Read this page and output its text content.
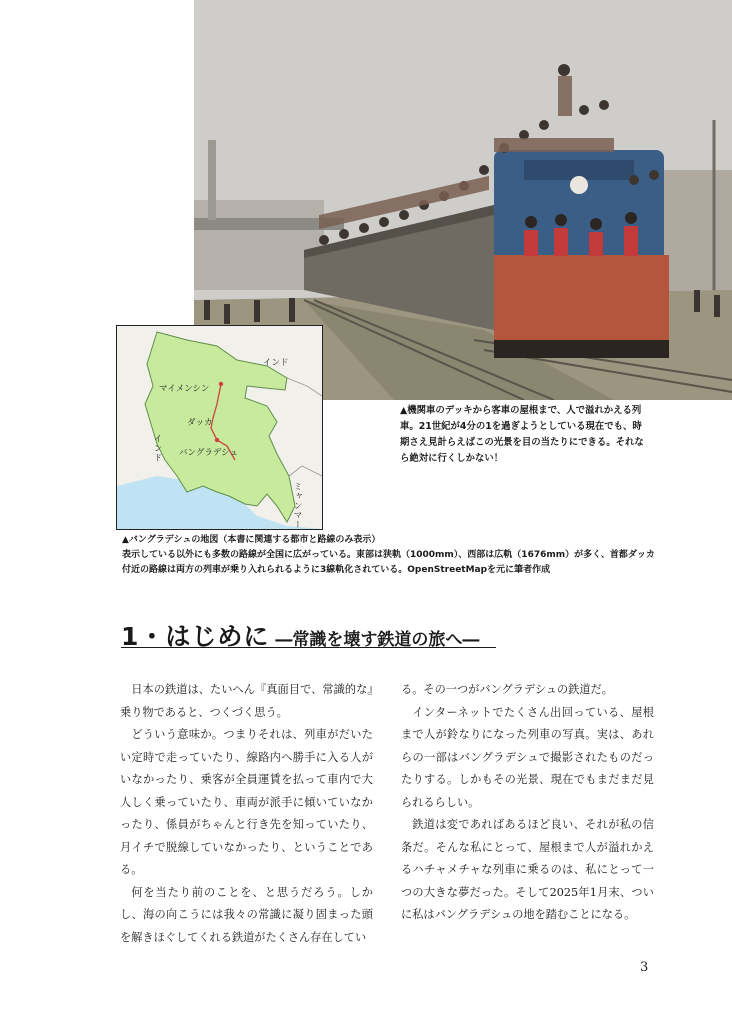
インド
マイメンシン
ダッカ
インド バングラデシュ
ミャンマー

▲機関車のデッキから客車の屋根まで、人で溢れかえる列車。21世紀が4分の1を過ぎようとしている現在でも、時期さえ見計らえばこの光景を目の当たりにできる。それなら絶対に行くしかない！

▲バングラデシュの地図（本書に関連する都市と路線のみ表示）

表示している以外にも多数の路線が全国に広がっている。東部は狭軌（1000mm）、西部は広軌（1676mm）が多く、首都ダッカ付近の路線は両方の列車が乗り入れられるように3線軌化されている。OpenStreetMapを元に筆者作成

1・はじめに ―常識を壊す鉄道の旅へ―

日本の鉄道は、たいへん『真面目で、常識的な』乗り物であると、つくづく思う。

どういう意味か。つまりそれは、列車がだいたい定時で走っていたり、線路内へ勝手に入る人がいなかったり、乗客が全員運賃を払って車内で大人しく乗っていたり、車両が派手に傾いていなかったり、係員がちゃんと行き先を知っていたり、月イチで脱線していなかったり、ということである。

何を当たり前のことを、と思うだろう。しかし、海の向こうには我々の常識に凝り固まった頭を解きほぐしてくれる鉄道がたくさん存在してい

る。その一つがバングラデシュの鉄道だ。

インターネットでたくさん出回っている、屋根まで人が鈴なりになった列車の写真。実は、あれらの一部はバングラデシュで撮影されたものだったりする。しかもその光景、現在でもまだまだ見られるらしい。

鉄道は変であればあるほど良い、それが私の信条だ。そんな私にとって、屋根まで人が溢れかえるハチャメチャな列車に乗るのは、私にとって一つの大きな夢だった。そして2025年1月末、ついに私はバングラデシュの地を踏むことになる。

3
